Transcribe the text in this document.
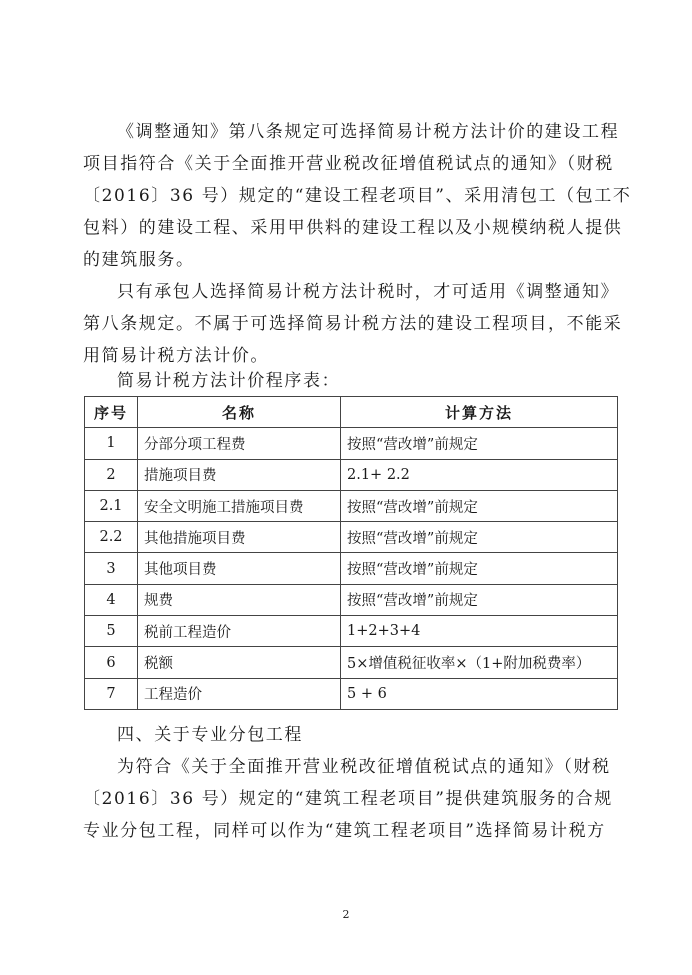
《调整通知》第八条规定可选择简易计税方法计价的建设工程
项目指符合《关于全面推开营业税改征增值税试点的通知》（财税
〔2016〕36 号）规定的“建设工程老项目”、采用清包工（包工不
包料）的建设工程、采用甲供料的建设工程以及小规模纳税人提供
的建筑服务。

只有承包人选择简易计税方法计税时，才可适用《调整通知》
第八条规定。不属于可选择简易计税方法的建设工程项目，不能采
用简易计税方法计价。

简易计税方法计价程序表：

序号	名称	计算方法
1	分部分项工程费	按照“营改增”前规定
2	措施项目费	2.1+ 2.2
2.1	安全文明施工措施项目费	按照“营改增”前规定
2.2	其他措施项目费	按照“营改增”前规定
3	其他项目费	按照“营改增”前规定
4	规费	按照“营改增”前规定
5	税前工程造价	1+2+3+4
6	税额	5×增值税征收率×（1+附加税费率）
7	工程造价	5 + 6

四、关于专业分包工程

为符合《关于全面推开营业税改征增值税试点的通知》（财税
〔2016〕36 号）规定的“建筑工程老项目”提供建筑服务的合规
专业分包工程，同样可以作为“建筑工程老项目”选择简易计税方

2
